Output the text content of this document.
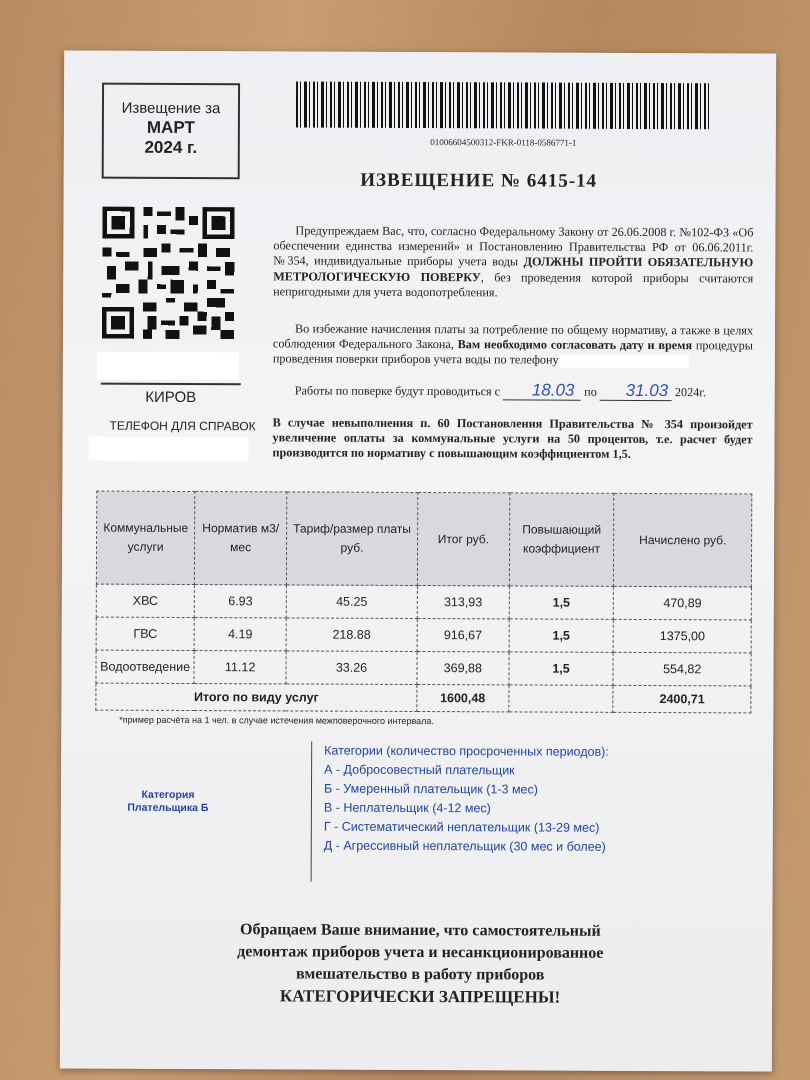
Извещение за
МАРТ
2024 г.	01006604500312-FKR-0118-0586771-1
КИРОВ
ТЕЛЕФОН ДЛЯ СПРАВОК
ИЗВЕЩЕНИЕ № 6415-14
Предупреждаем Вас, что, согласно Федеральному Закону от 26.06.2008 г. №102-ФЗ «Об обеспечении единства измерений» и Постановлению Правительства РФ от 06.06.2011г. №354, индивидуальные приборы учета воды ДОЛЖНЫ ПРОЙТИ ОБЯЗАТЕЛЬНУЮ МЕТРОЛОГИЧЕСКУЮ ПОВЕРКУ, без проведения которой приборы считаются непригодными для учета водопотребления.
Во избежание начисления платы за потребление по общему нормативу, а также в целях соблюдения Федерального Закона, Вам необходимо согласовать дату и время процедуры проведения поверки приборов учета воды по телефону
Работы по поверке будут проводиться с 18.03 по 31.03 2024г.
В случае невыполнения п. 60 Постановления Правительства № 354 произойдет увеличение оплаты за коммунальные услуги на 50 процентов, т.е. расчет будет производится по нормативу с повышающим коэффициентом 1,5.
Коммунальные услуги	Норматив м3/мес	Тариф/размер платы руб.	Итог руб.	Повышающий коэффициент	Начислено руб.
ХВС	6.93	45.25	313,93	1,5	470,89
ГВС	4.19	218.88	916,67	1,5	1375,00
Водоотведение	11.12	33.26	369,88	1,5	554,82
Итого по виду услуг			1600,48		2400,71
*пример расчёта на 1 чел. в случае истечения межповерочного интервала.
Категория Плательщика Б
Категории (количество просроченных периодов):
А - Добросовестный плательщик
Б - Умеренный плательщик (1-3 мес)
В - Неплательщик (4-12 мес)
Г - Систематический неплательщик (13-29 мес)
Д - Агрессивный неплательщик (30 мес и более)
Обращаем Ваше внимание, что самостоятельный
демонтаж приборов учета и несанкционированное
вмешательство в работу приборов
КАТЕГОРИЧЕСКИ ЗАПРЕЩЕНЫ!
